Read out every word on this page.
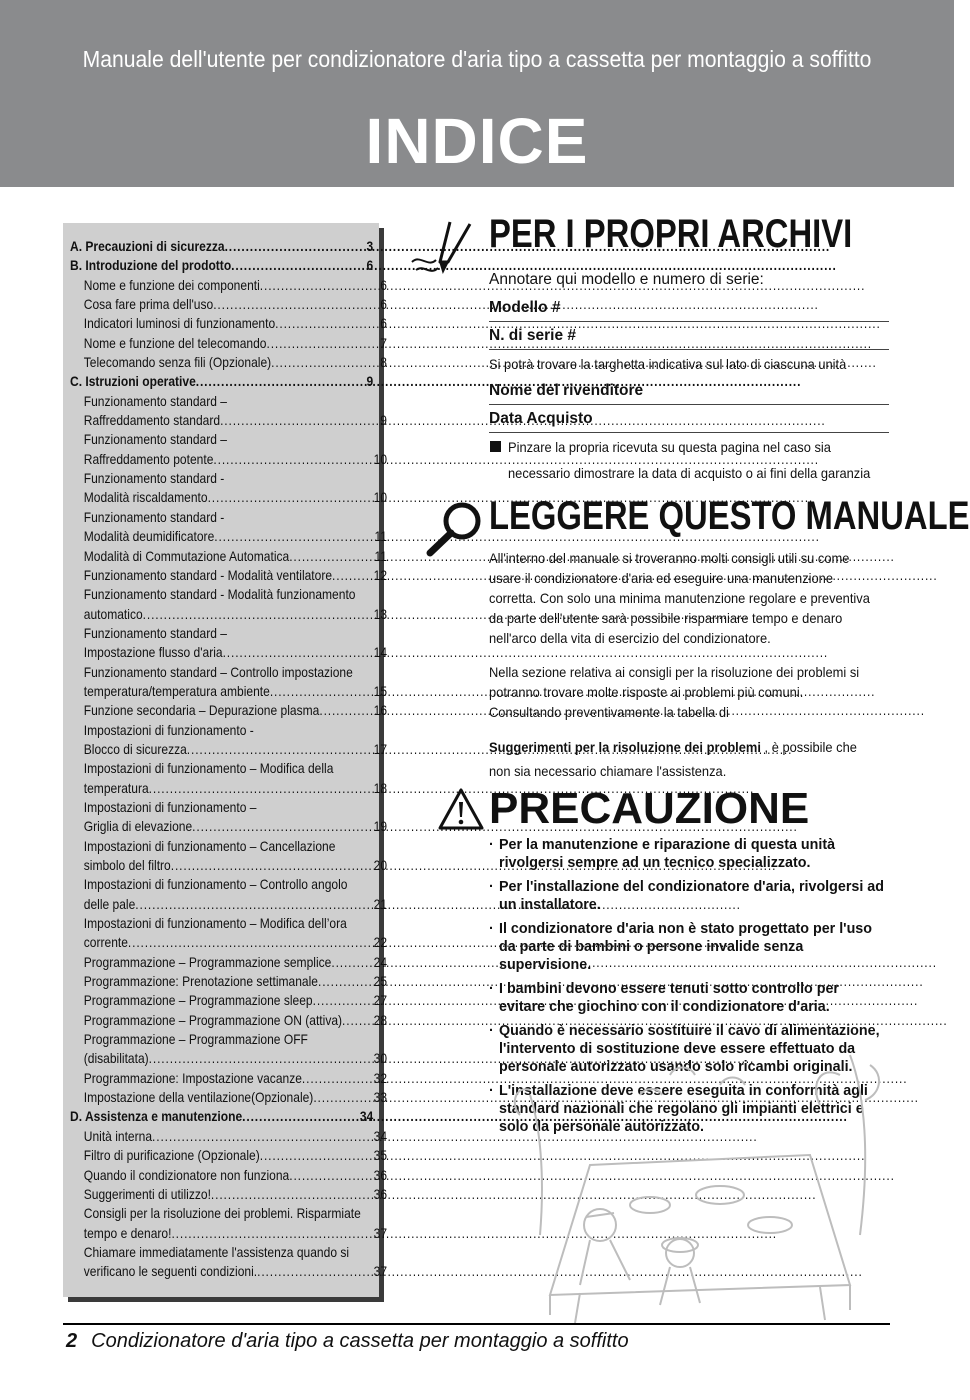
Manuale dell'utente per condizionatore d'aria tipo a cassetta per montaggio a soffitto
INDICE
A. Precauzioni di sicurezza .....	3
B. Introduzione del prodotto .....	6
Nome e funzione dei componenti .....	6
Cosa fare prima dell'uso .....	6
Indicatori luminosi di funzionamento .....	6
Nome e funzione del telecomando .....	7
Telecomando senza fili (Opzionale) .....	8
C. Istruzioni operative .....	9
Funzionamento standard –
Raffreddamento standard .....	9
Funzionamento standard –
Raffreddamento potente .....	10
Funzionamento standard -
Modalità riscaldamento .....	10
Funzionamento standard -
Modalità deumidificatore .....	11
Modalità di Commutazione Automatica .....	11
Funzionamento standard - Modalità ventilatore .....	12
Funzionamento standard - Modalità funzionamento
automatico .....	13
Funzionamento standard –
Impostazione flusso d'aria .....	14
Funzionamento standard – Controllo impostazione
temperatura/temperatura ambiente .....	15
Funzione secondaria – Depurazione plasma .....	16
Impostazioni di funzionamento -
Blocco di sicurezza .....	17
Impostazioni di funzionamento – Modifica della
temperatura .....	18
Impostazioni di funzionamento –
Griglia di elevazione .....	19
Impostazioni di funzionamento – Cancellazione
simbolo del filtro .....	20
Impostazioni di funzionamento – Controllo angolo
delle pale .....	21
Impostazioni di funzionamento – Modifica dell’ora
corrente .....	22
Programmazione – Programmazione semplice .....	24
Programmazione: Prenotazione settimanale .....	25
Programmazione – Programmazione sleep .....	27
Programmazione – Programmazione ON (attiva) ..... 28
Programmazione – Programmazione OFF
(disabilitata) .....	30
Programmazione: Impostazione vacanze .....	32
Impostazione della ventilazione(Opzionale) .....	33
D. Assistenza e manutenzione .....	34
Unità interna .....	34
Filtro di purificazione (Opzionale) .....	35
Quando il condizionatore non funziona .....	36
Suggerimenti di utilizzo! .....	36
Consigli per la risoluzione dei problemi. Risparmiate
tempo e denaro! .....	37
Chiamare immediatamente l'assistenza quando si
verificano le seguenti condizioni. .....	37
PER I PROPRI ARCHIVI
Annotare qui modello e numero di serie:
Modello #
N. di serie #
Si potrà trovare la targhetta indicativa sul lato di ciascuna unità
Nome del rivenditore
Data Acquisto
Pinzare la propria ricevuta su questa pagina nel caso sia
necessario dimostrare la data di acquisto o ai fini della garanzia
LEGGERE QUESTO MANUALE
All'interno del manuale si troveranno molti consigli utili su come usare il condizionatore d'aria ed eseguire una manutenzione corretta. Con solo una minima manutenzione regolare e preventiva da parte dell'utente sarà possibile risparmiare tempo e denaro nell'arco della vita di esercizio del condizionatore.
Nella sezione relativa ai consigli per la risoluzione dei problemi si potranno trovare molte risposte ai problemi più comuni. Consultando preventivamente la tabella di
Suggerimenti per la risoluzione dei problemi , è possibile che non sia necessario chiamare l'assistenza.
PRECAUZIONE
· Per la manutenzione e riparazione di questa unità rivolgersi sempre ad un tecnico specializzato.
· Per l'installazione del condizionatore d'aria, rivolgersi ad un installatore.
· Il condizionatore d'aria non è stato progettato per l'uso da parte di bambini o persone invalide senza supervisione.
· I bambini devono essere tenuti sotto controllo per evitare che giochino con il condizionatore d'aria.
· Quando è necessario sostituire il cavo di alimentazione, l'intervento di sostituzione deve essere effettuato da personale autorizzato usando solo ricambi originali.
· L'installazione deve essere eseguita in conformità agli standard nazionali che regolano gli impianti elettrici e solo da personale autorizzato.
2 Condizionatore d'aria tipo a cassetta per montaggio a soffitto
